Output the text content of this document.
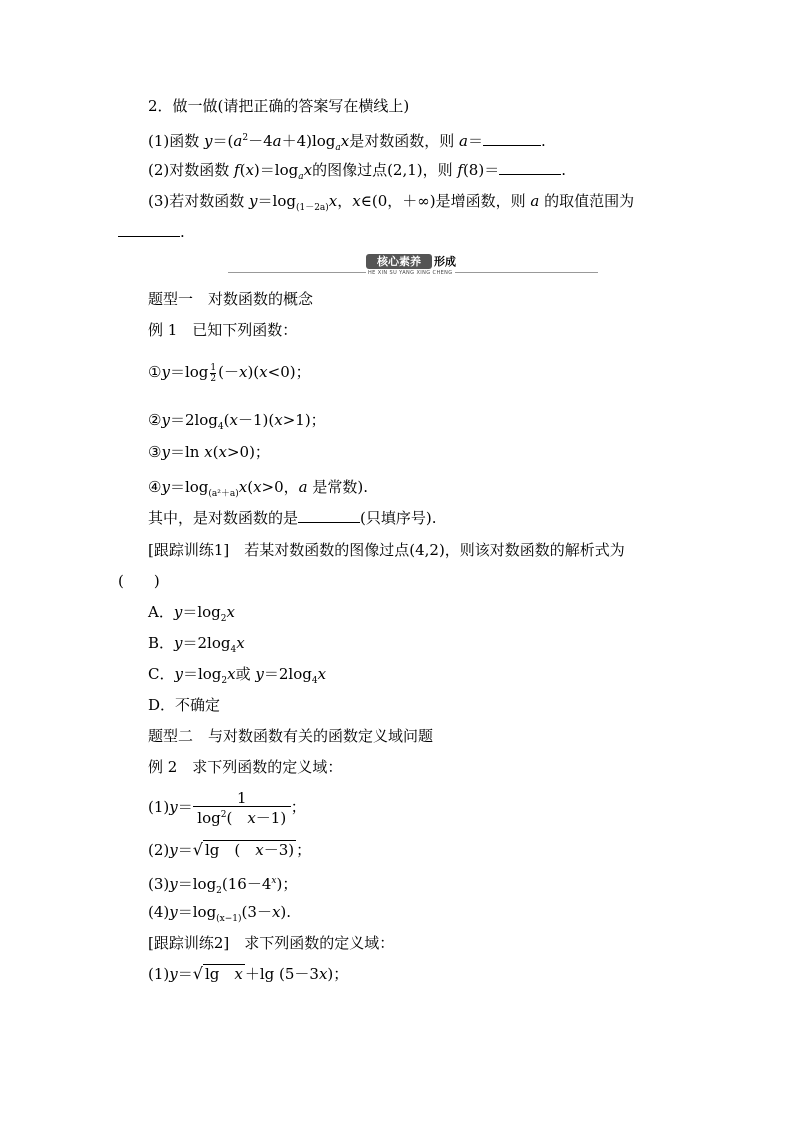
2．做一做(请把正确的答案写在横线上)
(1)函数 $y=(a^2-4a+4)\log_ax$是对数函数，则 a＝	.
(2)对数函数 $f(x)=\log_ax$的图像过点(2,1)，则 f(8)＝	.
(3)若对数函数 $y=\log_{(1-2a)}x$，x∈(0，＋∞)是增函数，则 a 的取值范围为
.
核心素养	形成
HE XIN SU YANG XING CHENG
题型一　对数函数的概念
例 1　已知下列函数：
①y＝log $\frac{1}{2} (-x)(x<0)$；
$②y=2\log_4(x-1)(x>1)$；
③y＝ln x(x>0)；
$④y=\log_{(a^2+a)}x(x>0$，a 是常数).
其中，是对数函数的是	(只填序号).
[跟踪训练1]　若某对数函数的图像过点(4,2)，则该对数函数的解析式为
(　　)
A．$y=\log_2x$
B．$y=2\log_4x$
C．$y=\log_2x$或 $y=2\log_4x$
D．不确定
题型二　与对数函数有关的函数定义域问题
例 2　求下列函数的定义域：
$(1)y= \frac{1}{\log^2( x-1)}$ ；
(2)y＝√ lg　(　x－3) ；
$(3)y=\log_2(16-4^x)$；
$(4)y=\log_{(x-1)}(3-x)$.
[跟踪训练2]　求下列函数的定义域：
(1)y＝√ lg　x ＋lg (5－3x)；
